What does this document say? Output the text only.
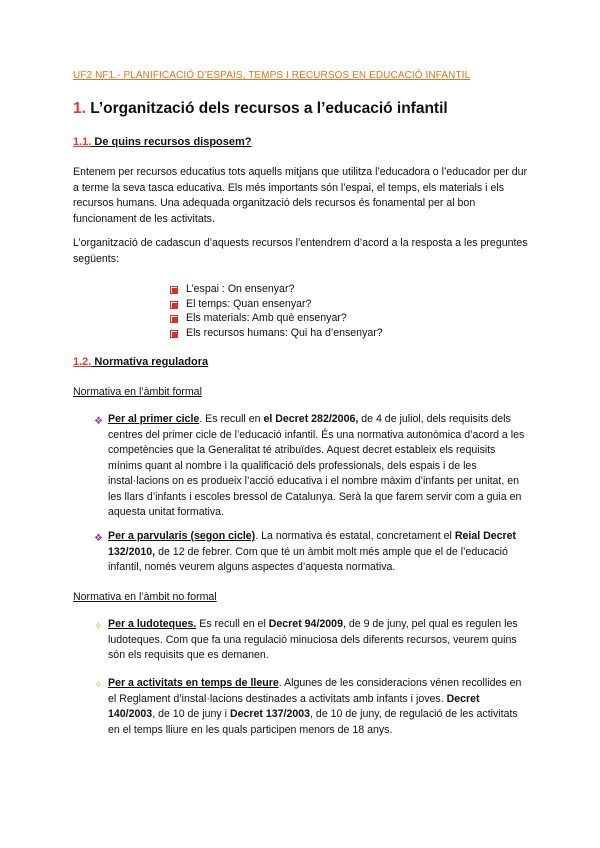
UF2 NF1.- PLANIFICACIÓ D’ESPAIS, TEMPS I RECURSOS EN EDUCACIÓ INFANTIL
1. L’organització dels recursos a l’educació infantil
1.1. De quins recursos disposem?

Entenem per recursos educatius tots aquells mitjans que utilitza l’educadora o l’educador per dur a terme la seva tasca educativa. Els més importants són l’espai, el temps, els materials i els recursos humans. Una adequada organització dels recursos és fonamental per al bon funcionament de les activitats.

L’organització de cadascun d’aquests recursos l’entendrem d’acord a la resposta a les preguntes següents:

L’espai : On ensenyar?
El temps: Quan ensenyar?
Els materials: Amb què ensenyar?
Els recursos humans: Qui ha d’ensenyar?
1.2. Normativa reguladora
Normativa en l’àmbit formal
❖ Per al primer cicle. Es recull en el Decret 282/2006, de 4 de juliol, dels requisits dels centres del primer cicle de l’educació infantil. És una normativa autonòmica d’acord a les competències que la Generalitat té atribuïdes. Aquest decret estableix els requisits mínims quant al nombre i la qualificació dels professionals, dels espais i de les instal·lacions on es produeix l’acció educativa i el nombre màxim d’infants per unitat, en les llars d’infants i escoles bressol de Catalunya. Serà la que farem servir com a guia en aquesta unitat formativa.
❖ Per a parvularis (segon cicle). La normativa és estatal, concretament el Reial Decret 132/2010, de 12 de febrer. Com que té un àmbit molt més ample que el de l’educació infantil, només veurem alguns aspectes d’aquesta normativa.
Normativa en l’àmbit no formal
✧ Per a ludoteques. Es recull en el Decret 94/2009, de 9 de juny, pel qual es regulen les ludoteques. Com que fa una regulació minuciosa dels diferents recursos, veurem quins són els requisits que es demanen.
✧ Per a activitats en temps de lleure. Algunes de les consideracions vénen recollides en el Reglament d’instal·lacions destinades a activitats amb infants i joves. Decret 140/2003, de 10 de juny i Decret 137/2003, de 10 de juny, de regulació de les activitats en el temps lliure en les quals participen menors de 18 anys.
